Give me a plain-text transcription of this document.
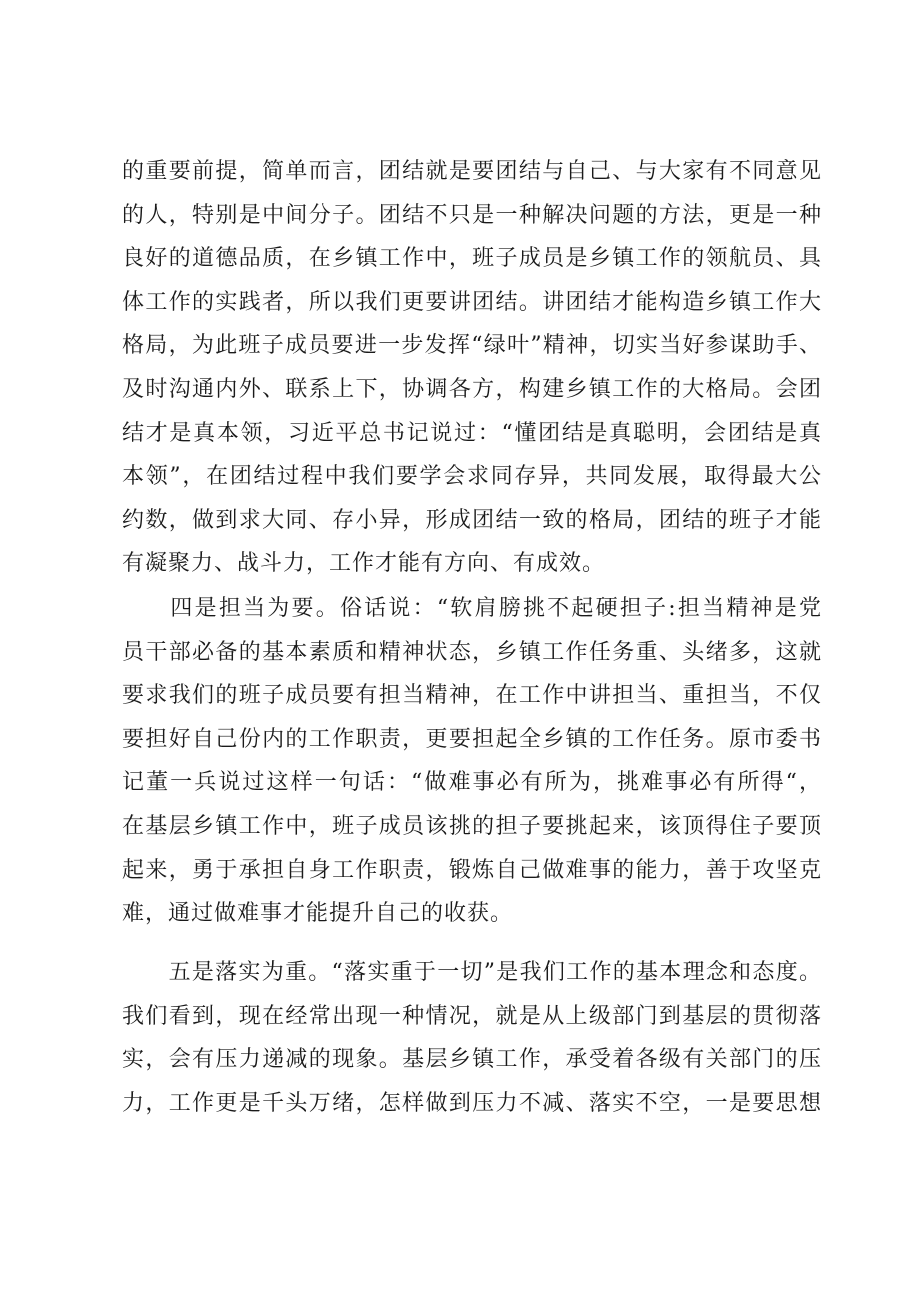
的重要前提，简单而言，团结就是要团结与自己、与大家有不同意见
的人，特别是中间分子。团结不只是一种解决问题的方法，更是一种
良好的道德品质，在乡镇工作中，班子成员是乡镇工作的领航员、具
体工作的实践者，所以我们更要讲团结。讲团结才能构造乡镇工作大
格局，为此班子成员要进一步发挥“绿叶”精神，切实当好参谋助手、
及时沟通内外、联系上下，协调各方，构建乡镇工作的大格局。会团
结才是真本领，习近平总书记说过：“懂团结是真聪明，会团结是真
本领”，在团结过程中我们要学会求同存异，共同发展，取得最大公
约数，做到求大同、存小异，形成团结一致的格局，团结的班子才能
有凝聚力、战斗力，工作才能有方向、有成效。
　　四是担当为要。俗话说：“软肩膀挑不起硬担子:担当精神是党
员干部必备的基本素质和精神状态，乡镇工作任务重、头绪多，这就
要求我们的班子成员要有担当精神，在工作中讲担当、重担当，不仅
要担好自己份内的工作职责，更要担起全乡镇的工作任务。原市委书
记董一兵说过这样一句话：“做难事必有所为，挑难事必有所得“，
在基层乡镇工作中，班子成员该挑的担子要挑起来，该顶得住子要顶
起来，勇于承担自身工作职责，锻炼自己做难事的能力，善于攻坚克
难，通过做难事才能提升自己的收获。
　　五是落实为重。“落实重于一切”是我们工作的基本理念和态度。
我们看到，现在经常出现一种情况，就是从上级部门到基层的贯彻落
实，会有压力递减的现象。基层乡镇工作，承受着各级有关部门的压
力，工作更是千头万绪，怎样做到压力不减、落实不空，一是要思想
